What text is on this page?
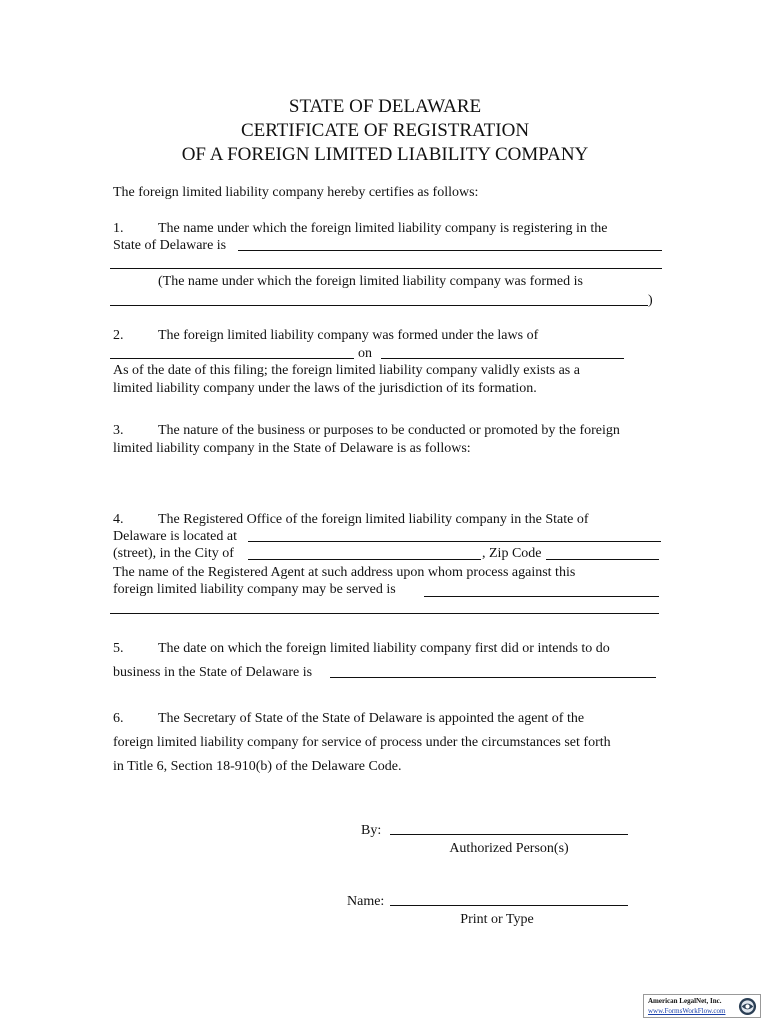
STATE OF DELAWARE
CERTIFICATE OF REGISTRATION
OF A FOREIGN LIMITED LIABILITY COMPANY
The foreign limited liability company hereby certifies as follows:
1. The name under which the foreign limited liability company is registering in the
State of Delaware is
(The name under which the foreign limited liability company was formed is
)
2. The foreign limited liability company was formed under the laws of
on
As of the date of this filing; the foreign limited liability company validly exists as a
limited liability company under the laws of the jurisdiction of its formation.
3. The nature of the business or purposes to be conducted or promoted by the foreign
limited liability company in the State of Delaware is as follows:
4. The Registered Office of the foreign limited liability company in the State of
Delaware is located at
(street), in the City of	, Zip Code
The name of the Registered Agent at such address upon whom process against this
foreign limited liability company may be served is
5. The date on which the foreign limited liability company first did or intends to do
business in the State of Delaware is
6. The Secretary of State of the State of Delaware is appointed the agent of the
foreign limited liability company for service of process under the circumstances set forth
in Title 6, Section 18-910(b) of the Delaware Code.
By:
Authorized Person(s)
Name:
Print or Type
American LegalNet, Inc.
www.FormsWorkFlow.com
